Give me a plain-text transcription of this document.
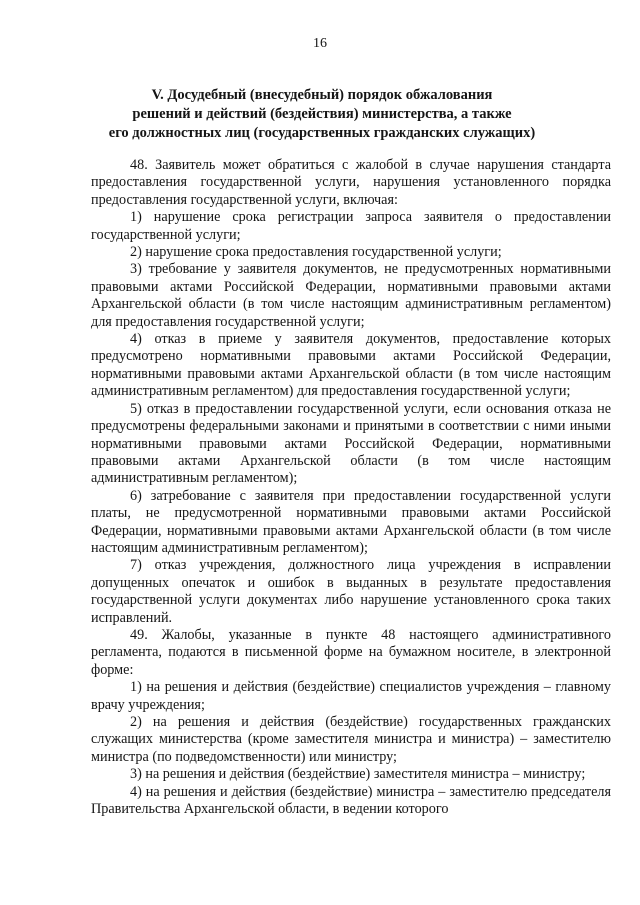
16
V. Досудебный (внесудебный) порядок обжалования
решений и действий (бездействия) министерства, а также
его должностных лиц (государственных гражданских служащих)

48. Заявитель может обратиться с жалобой в случае нарушения стандарта предоставления государственной услуги, нарушения установленного порядка предоставления государственной услуги, включая:

1) нарушение срока регистрации запроса заявителя о предоставлении государственной услуги;

2) нарушение срока предоставления государственной услуги;

3) требование у заявителя документов, не предусмотренных нормативными правовыми актами Российской Федерации, нормативными правовыми актами Архангельской области (в том числе настоящим административным регламентом) для предоставления государственной услуги;

4) отказ в приеме у заявителя документов, предоставление которых предусмотрено нормативными правовыми актами Российской Федерации, нормативными правовыми актами Архангельской области (в том числе настоящим административным регламентом) для предоставления государственной услуги;

5) отказ в предоставлении государственной услуги, если основания отказа не предусмотрены федеральными законами и принятыми в соответствии с ними иными нормативными правовыми актами Российской Федерации, нормативными правовыми актами Архангельской области (в том числе настоящим административным регламентом);

6) затребование с заявителя при предоставлении государственной услуги платы, не предусмотренной нормативными правовыми актами Российской Федерации, нормативными правовыми актами Архангельской области (в том числе настоящим административным регламентом);

7) отказ учреждения, должностного лица учреждения в исправлении допущенных опечаток и ошибок в выданных в результате предоставления государственной услуги документах либо нарушение установленного срока таких исправлений.

49. Жалобы, указанные в пункте 48 настоящего административного регламента, подаются в письменной форме на бумажном носителе, в электронной форме:

1) на решения и действия (бездействие) специалистов учреждения – главному врачу учреждения;

2) на решения и действия (бездействие) государственных гражданских служащих министерства (кроме заместителя министра и министра) – заместителю министра (по подведомственности) или министру;

3) на решения и действия (бездействие) заместителя министра – министру;

4) на решения и действия (бездействие) министра – заместителю председателя Правительства Архангельской области, в ведении которого
